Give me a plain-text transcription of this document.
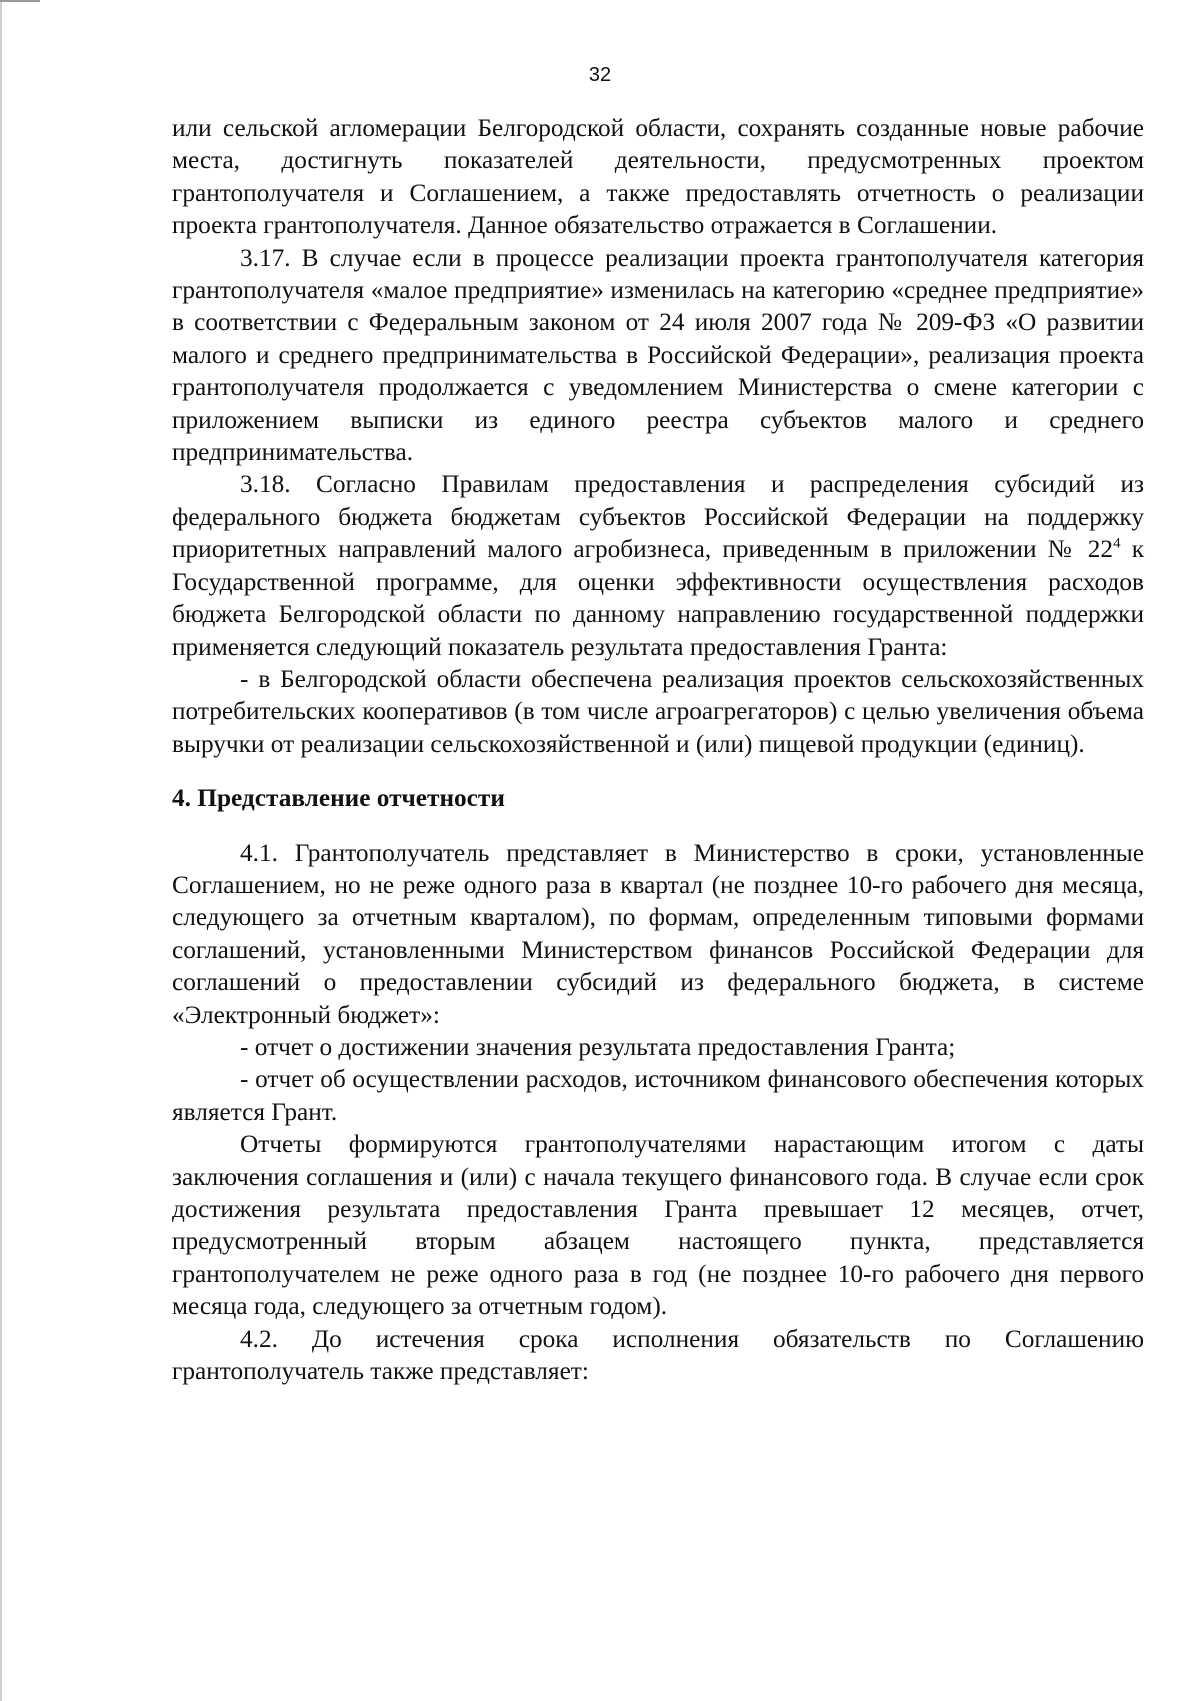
32

или сельской агломерации Белгородской области, сохранять созданные новые рабочие места, достигнуть показателей деятельности, предусмотренных проектом грантополучателя и Соглашением, а также предоставлять отчетность о реализации проекта грантополучателя. Данное обязательство отражается в Соглашении.

3.17. В случае если в процессе реализации проекта грантополучателя категория грантополучателя «малое предприятие» изменилась на категорию «среднее предприятие» в соответствии с Федеральным законом от 24 июля 2007 года № 209-ФЗ «О развитии малого и среднего предпринимательства в Российской Федерации», реализация проекта грантополучателя продолжается с уведомлением Министерства о смене категории с приложением выписки из единого реестра субъектов малого и среднего предпринимательства.

3.18. Согласно Правилам предоставления и распределения субсидий из федерального бюджета бюджетам субъектов Российской Федерации на поддержку приоритетных направлений малого агробизнеса, приведенным в приложении № $22^4$ к Государственной программе, для оценки эффективности осуществления расходов бюджета Белгородской области по данному направлению государственной поддержки применяется следующий показатель результата предоставления Гранта:

- в Белгородской области обеспечена реализация проектов сельскохозяйственных потребительских кооперативов (в том числе агроагрегаторов) с целью увеличения объема выручки от реализации сельскохозяйственной и (или) пищевой продукции (единиц).

4. Представление отчетности

4.1. Грантополучатель представляет в Министерство в сроки, установленные Соглашением, но не реже одного раза в квартал (не позднее 10-го рабочего дня месяца, следующего за отчетным кварталом), по формам, определенным типовыми формами соглашений, установленными Министерством финансов Российской Федерации для соглашений о предоставлении субсидий из федерального бюджета, в системе «Электронный бюджет»:

- отчет о достижении значения результата предоставления Гранта;

- отчет об осуществлении расходов, источником финансового обеспечения которых является Грант.

Отчеты формируются грантополучателями нарастающим итогом с даты заключения соглашения и (или) с начала текущего финансового года. В случае если срок достижения результата предоставления Гранта превышает 12 месяцев, отчет, предусмотренный вторым абзацем настоящего пункта, представляется грантополучателем не реже одного раза в год (не позднее 10-го рабочего дня первого месяца года, следующего за отчетным годом).

4.2. До истечения срока исполнения обязательств по Соглашению грантополучатель также представляет:
